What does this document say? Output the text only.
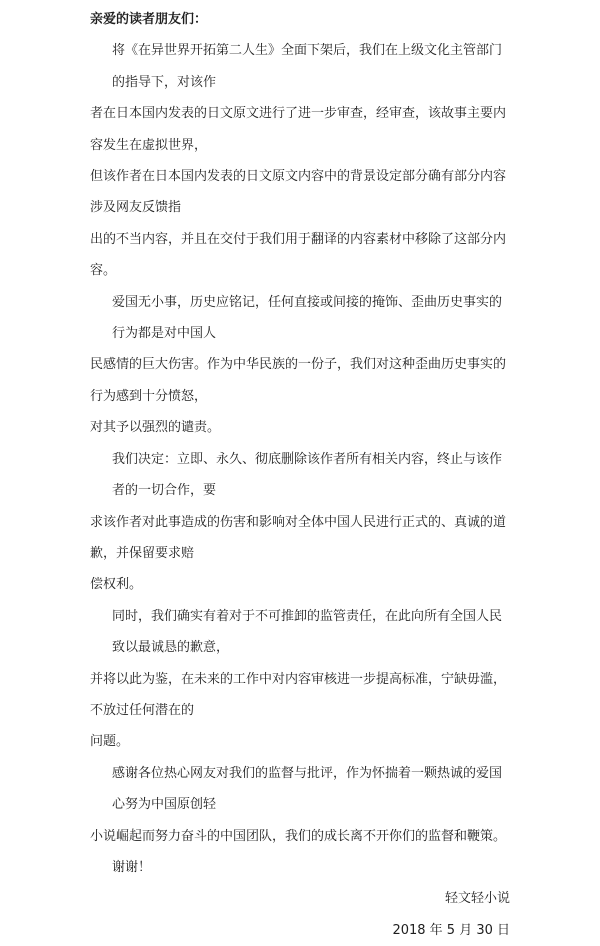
亲爱的读者朋友们：
将《在异世界开拓第二人生》全面下架后，我们在上级文化主管部门的指导下，对该作
者在日本国内发表的日文原文进行了进一步审查，经审查，该故事主要内容发生在虚拟世界，
但该作者在日本国内发表的日文原文内容中的背景设定部分确有部分内容涉及网友反馈指
出的不当内容，并且在交付于我们用于翻译的内容素材中移除了这部分内容。
爱国无小事，历史应铭记，任何直接或间接的掩饰、歪曲历史事实的行为都是对中国人
民感情的巨大伤害。作为中华民族的一份子，我们对这种歪曲历史事实的行为感到十分愤怒，
对其予以强烈的谴责。
我们决定：立即、永久、彻底删除该作者所有相关内容，终止与该作者的一切合作，要
求该作者对此事造成的伤害和影响对全体中国人民进行正式的、真诚的道歉，并保留要求赔
偿权利。
同时，我们确实有着对于不可推卸的监管责任，在此向所有全国人民致以最诚恳的歉意，
并将以此为鉴，在未来的工作中对内容审核进一步提高标准，宁缺毋滥，不放过任何潜在的
问题。
感谢各位热心网友对我们的监督与批评，作为怀揣着一颗热诚的爱国心努为中国原创轻
小说崛起而努力奋斗的中国团队，我们的成长离不开你们的监督和鞭策。
谢谢！
轻文轻小说
2018 年 5 月 30 日
